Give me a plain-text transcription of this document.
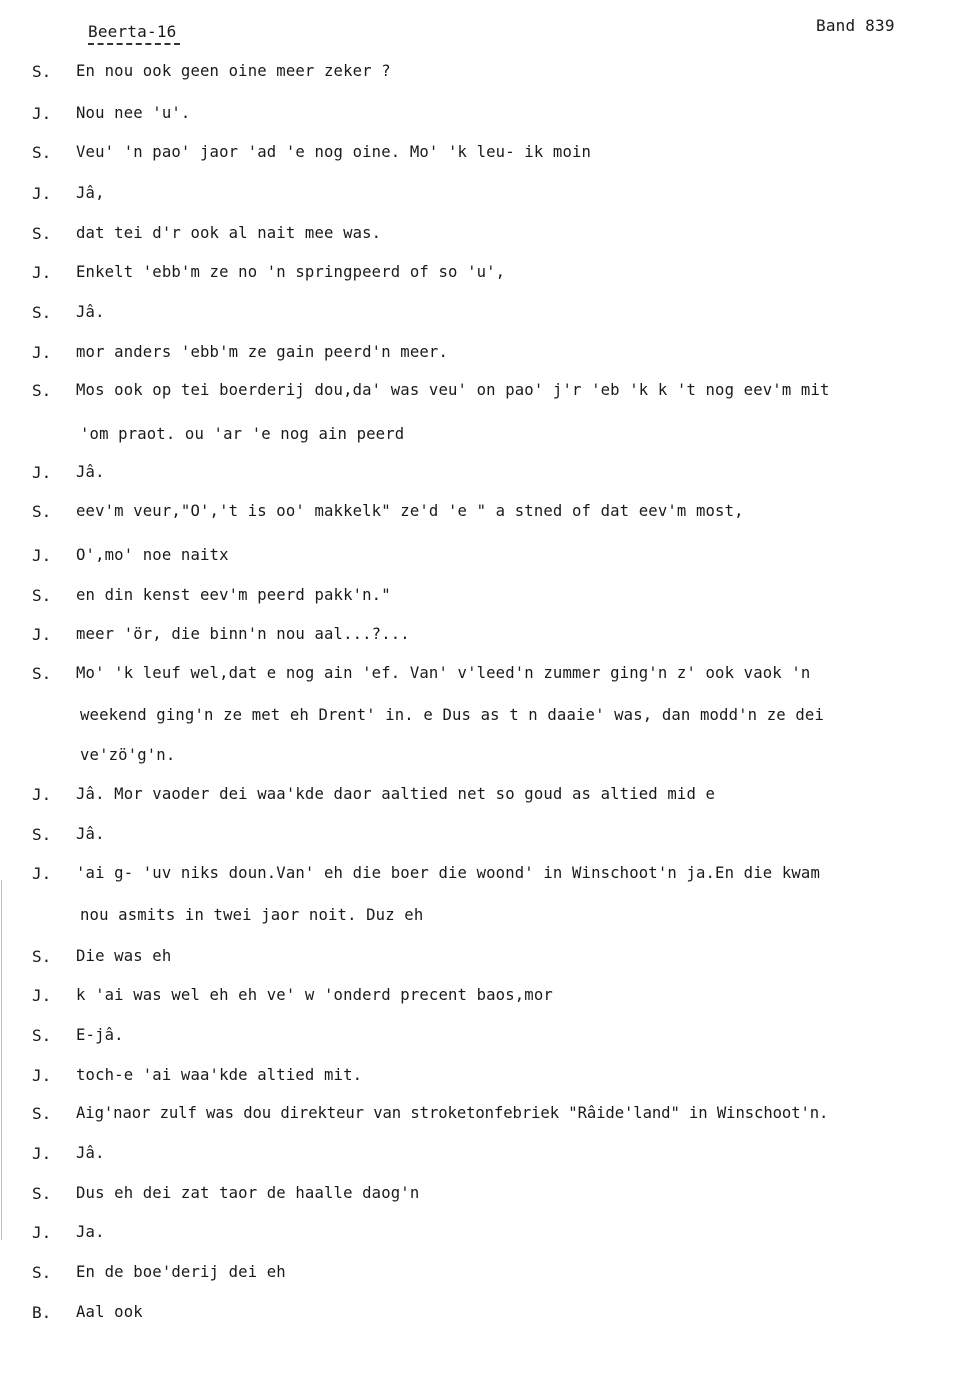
Beerta-16	Band 839
S.	En nou ook geen oine meer zeker ?
J.	Nou nee 'u'.
S.	Veu' 'n pao' jaor 'ad 'e nog oine. Mo' 'k leu- ik moin
J.	Jâ,
S.	dat tei d'r ook al nait mee was.
J.	Enkelt 'ebb'm ze no 'n springpeerd of so 'u',
S.	Jâ.
J.	mor anders 'ebb'm ze gain peerd'n meer.
S.	Mos ook op tei boerderij dou,da' was veu' on pao' j'r 'eb 'k k 't nog eev'm mit
'om praot. ou 'ar 'e nog ain peerd
J.	Jâ.
S.	eev'm veur,"O','t is oo' makkelk" ze'd 'e " a stned of dat eev'm most,
J.	O',mo' noe naitx
S.	en din kenst eev'm peerd pakk'n."
J.	meer 'ör, die binn'n nou aal...?...
S.	Mo' 'k leuf wel,dat e nog ain 'ef. Van' v'leed'n zummer ging'n z' ook vaok 'n
weekend ging'n ze met eh Drent' in. e Dus as t n daaie' was, dan modd'n ze dei
ve'zö'g'n.
J.	Jâ. Mor vaoder dei waa'kde daor aaltied net so goud as altied mid e
S.	Jâ.
J.	'ai g- 'uv niks doun.Van' eh die boer die woond' in Winschoot'n ja.En die kwam
nou asmits in twei jaor noit. Duz eh
S.	Die was eh
J.	k 'ai was wel eh eh ve' w 'onderd precent baos,mor
S.	E-jâ.
J.	toch-e 'ai waa'kde altied mit.
S.	Aig'naor zulf was dou direkteur van stroketonfebriek "Râide'land" in Winschoot'n.
J.	Jâ.
S.	Dus eh dei zat taor de haalle daog'n
J.	Ja.
S.	En de boe'derij dei eh
B.	Aal ook
